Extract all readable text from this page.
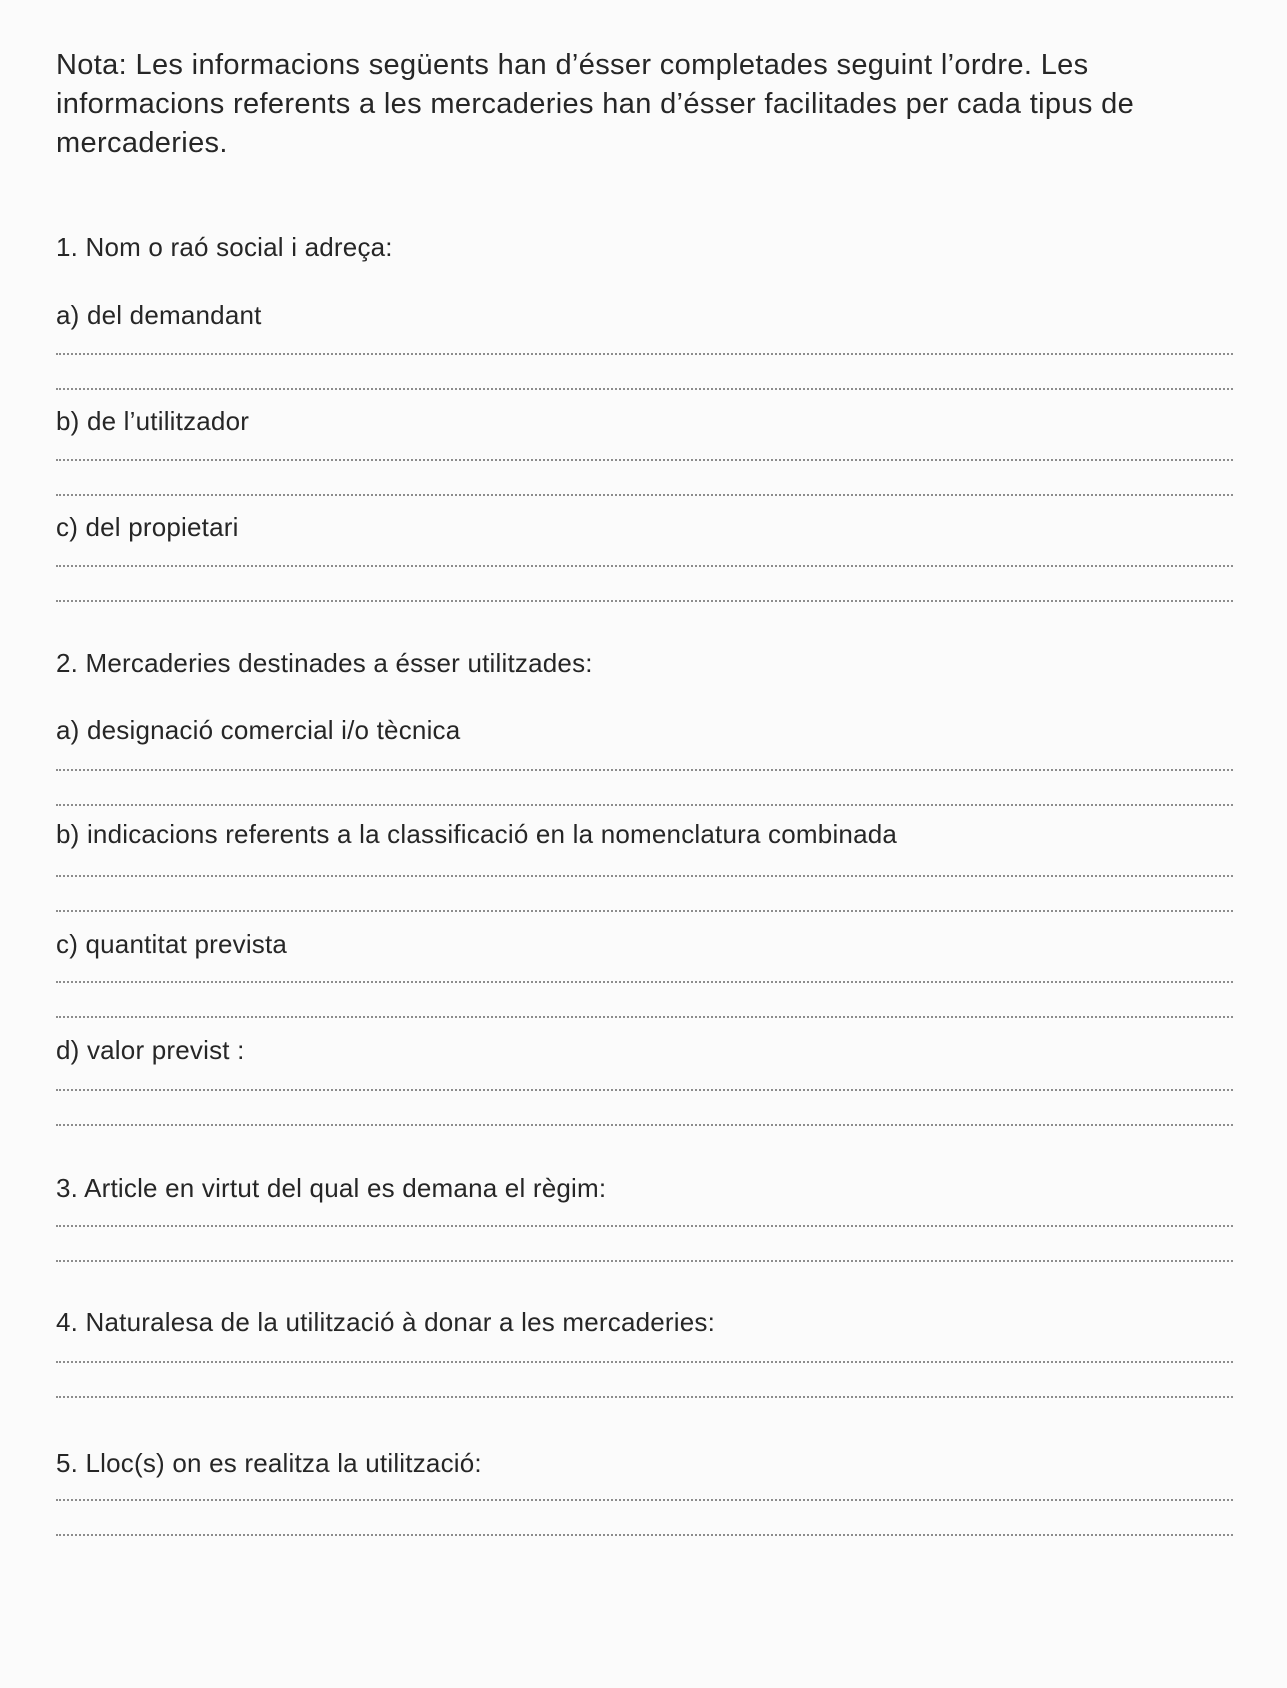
Nota: Les informacions següents han d’ésser completades seguint l’ordre. Les informacions referents a les mercaderies han d’ésser facilitades per cada tipus de mercaderies.
1. Nom o raó social i adreça:
a) del demandant
b) de l’utilitzador
c) del propietari
2. Mercaderies destinades a ésser utilitzades:
a) designació comercial i/o tècnica
b) indicacions referents a la classificació en la nomenclatura combinada
c) quantitat prevista
d) valor previst :
3. Article en virtut del qual es demana el règim:
4. Naturalesa de la utilització à donar a les mercaderies:
5. Lloc(s) on es realitza la utilització:
